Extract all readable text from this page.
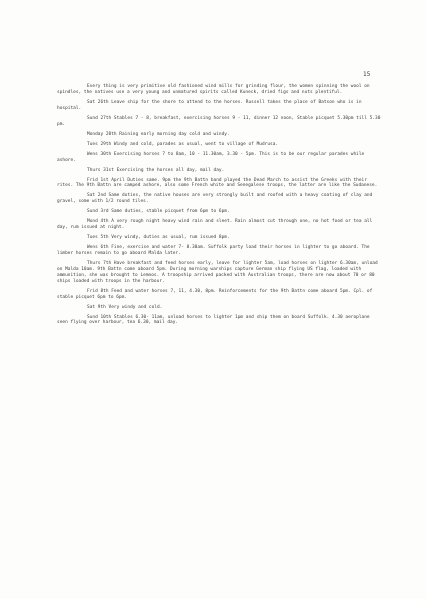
15

Every thing is very primitive old fashioned wind mills for grinding flour, the women spinning the wool on spindles, the natives use a very young and unmatured spirits called Kuneck, dried figs and nuts plentiful.

Sat 26th Leave ship for the shore to attend to the horses. Russell takes the place of Batson who is in hospital.

Sund 27th Stables 7 - 8, breakfast, exercising horses 9 - 11, dinner 12 noon, Stable picquet 5.30pm till 5.30 pm.

Monday 28th Raining early morning day cold and windy.

Tues 29th Windy and cold, parades as usual, went to village of Mudrusa.

Wens 30th Exercising horses 7 to 8am, 10 - 11.30am, 3.30 - 5pm. This is to be our regular parades while ashore.

Thurs 31st Exercising the horses all day, mail day.

Frid 1st April Duties same. 9pm the 9th Battn band played the Dead March to assist the Greeks with their rites. The 9th Battn are camped ashore, also some French white and Senegalese troops, the latter are like the Sudanese.

Sat 2nd Same duties, the native houses are very strongly built and roofed with a heavy coating of clay and gravel, some with 1/2 round tiles.

Sund 3rd Same duties, stable picquet from 6pm to 6pm.

Mond 4th A very rough night heavy wind rain and sleet. Rain almost cut through one, no hot food or tea all day, rum issued at night.

Tues 5th Very windy, duties as usual, rum issued 8pm.

Wens 6th Fine, exercise and water 7- 8.30am. Suffolk party load their horses in lighter to go aboard. The limber horses remain to go aboard Malda later.

Thurs 7th Have breakfast and feed horses early, leave for lighter 5am, load horses on lighter 6.30am, unload on Malda 10am. 9th Battn come aboard 5pm. During morning warships capture German ship flying US flag, loaded with ammunition, she was brought to Lemnos. A troopship arrived packed with Australian troops, there are now about 70 or 80 ships loaded with troops in the harbour.

Frid 8th Feed and water horses 7, 11, 4.30, 8pm. Reinforcements for the 9th Battn come aboard 5pm. Cpl. of stable picquet 6pm to 6pm.

Sat 9th Very windy and cold.

Sund 10th Stables 6.30- 11am, unload horses to lighter 1pm and ship them on board Suffolk. 4.30 aeroplane seen flying over harbour, tea 6.30, mail day.
